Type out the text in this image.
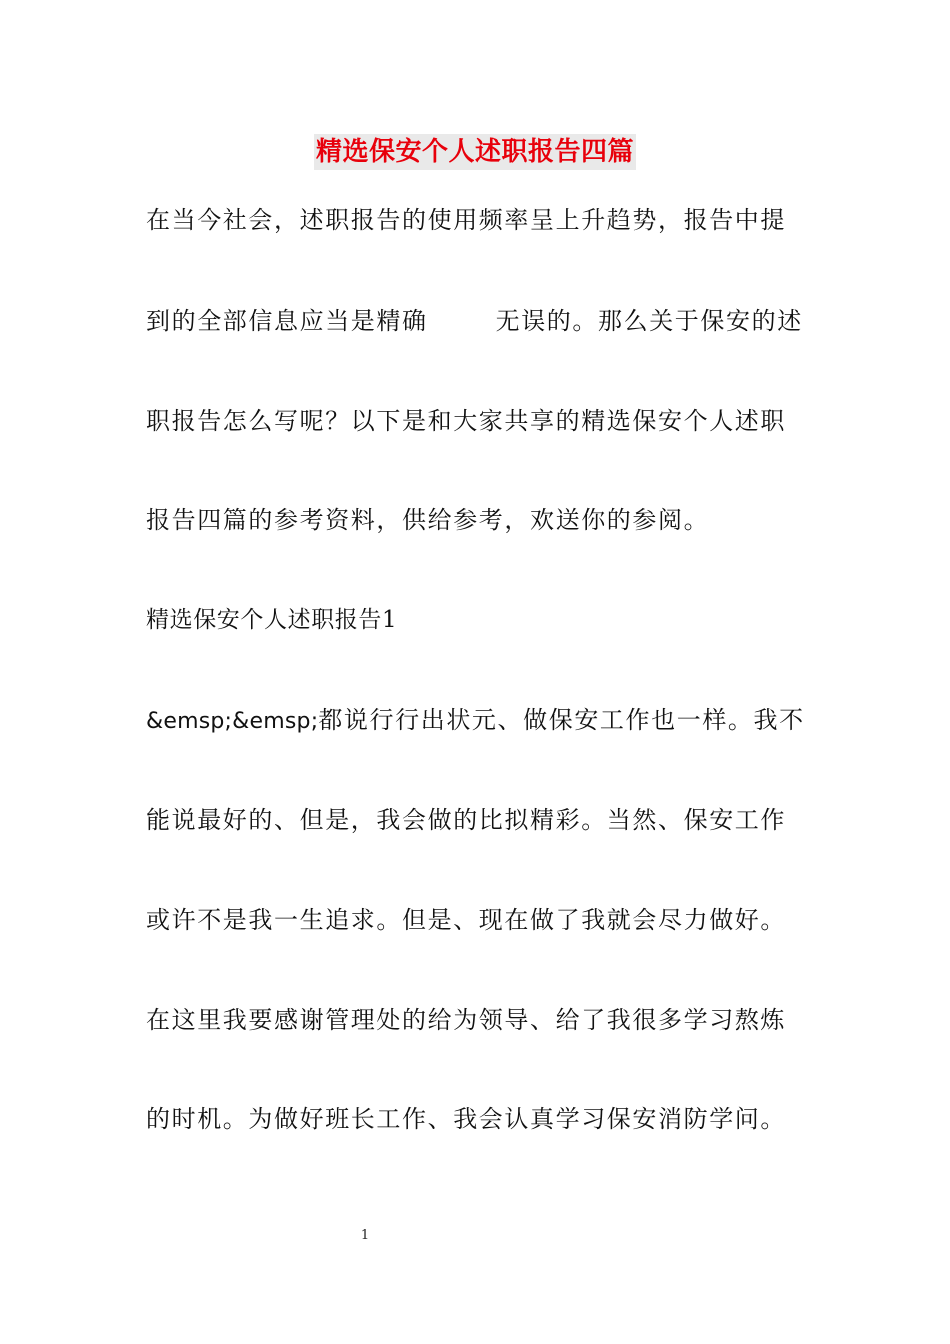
精选保安个人述职报告四篇
在当今社会，述职报告的使用频率呈上升趋势，报告中提
到的全部信息应当是精确	无误的。那么关于保安的述
职报告怎么写呢？以下是和大家共享的精选保安个人述职
报告四篇的参考资料，供给参考，欢送你的参阅。
精选保安个人述职报告1
&emsp;&emsp;都说行行出状元、做保安工作也一样。我不
能说最好的、但是，我会做的比拟精彩。当然、保安工作
或许不是我一生追求。但是、现在做了我就会尽力做好。
在这里我要感谢管理处的给为领导、给了我很多学习熬炼
的时机。为做好班长工作、我会认真学习保安消防学问。
1
